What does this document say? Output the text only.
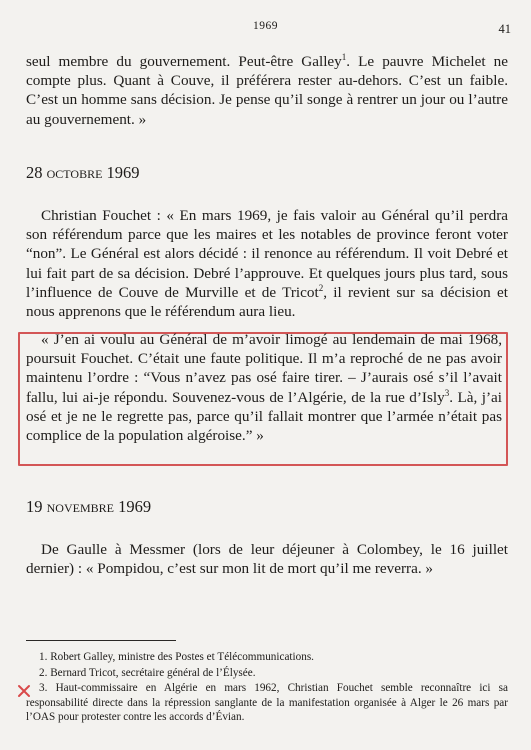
1969	41

seul membre du gouvernement. Peut-être Galley$^1$. Le pauvre Michelet ne compte plus. Quant à Couve, il préférera rester au-dehors. C’est un faible. C’est un homme sans décision. Je pense qu’il songe à rentrer un jour ou l’autre au gouvernement. »

28 octobre 1969

Christian Fouchet : « En mars 1969, je fais valoir au Général qu’il perdra son référendum parce que les maires et les notables de province feront voter “non”. Le Général est alors décidé : il renonce au référendum. Il voit Debré et lui fait part de sa décision. Debré l’approuve. Et quelques jours plus tard, sous l’influence de Couve de Murville et de Tricot$^2$, il revient sur sa décision et nous apprenons que le référendum aura lieu.

« J’en ai voulu au Général de m’avoir limogé au lendemain de mai 1968, poursuit Fouchet. C’était une faute politique. Il m’a reproché de ne pas avoir maintenu l’ordre : “Vous n’avez pas osé faire tirer. – J’aurais osé s’il l’avait fallu, lui ai-je répondu. Souvenez-vous de l’Algérie, de la rue d’Isly$^3$. Là, j’ai osé et je ne le regrette pas, parce qu’il fallait montrer que l’armée n’était pas complice de la population algéroise.” »

19 novembre 1969

De Gaulle à Messmer (lors de leur déjeuner à Colombey, le 16 juillet dernier) : « Pompidou, c’est sur mon lit de mort qu’il me reverra. »

1. Robert Galley, ministre des Postes et Télécommunications.

2. Bernard Tricot, secrétaire général de l’Élysée.

3. Haut-commissaire en Algérie en mars 1962, Christian Fouchet semble reconnaître ici sa responsabilité directe dans la répression sanglante de la manifestation organisée à Alger le 26 mars par l’OAS pour protester contre les accords d’Évian.
